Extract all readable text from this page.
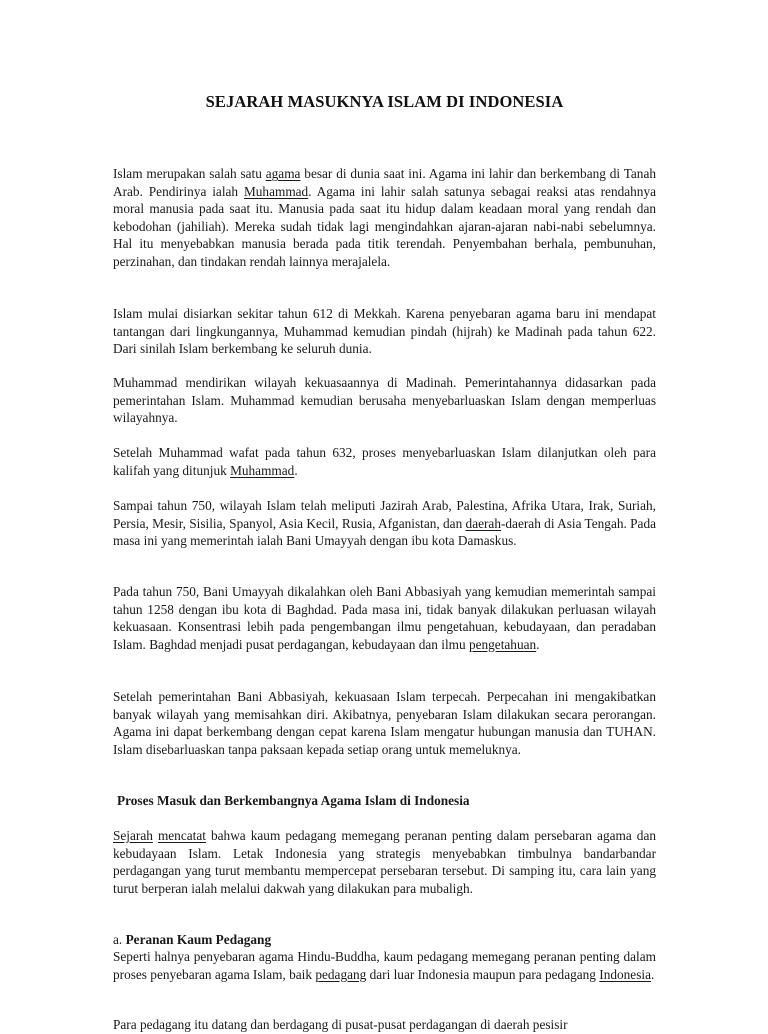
SEJARAH MASUKNYA ISLAM DI INDONESIA

Islam merupakan salah satu agama besar di dunia saat ini. Agama ini lahir dan berkembang di Tanah Arab. Pendirinya ialah Muhammad. Agama ini lahir salah satunya sebagai reaksi atas rendahnya moral manusia pada saat itu. Manusia pada saat itu hidup dalam keadaan moral yang rendah dan kebodohan (jahiliah). Mereka sudah tidak lagi mengindahkan ajaran-ajaran nabi-nabi sebelumnya. Hal itu menyebabkan manusia berada pada titik terendah. Penyembahan berhala, pembunuhan, perzinahan, dan tindakan rendah lainnya merajalela.

Islam mulai disiarkan sekitar tahun 612 di Mekkah. Karena penyebaran agama baru ini mendapat tantangan dari lingkungannya, Muhammad kemudian pindah (hijrah) ke Madinah pada tahun 622. Dari sinilah Islam berkembang ke seluruh dunia.

Muhammad mendirikan wilayah kekuasaannya di Madinah. Pemerintahannya didasarkan pada pemerintahan Islam. Muhammad kemudian berusaha menyebarluaskan Islam dengan memperluas wilayahnya.

Setelah Muhammad wafat pada tahun 632, proses menyebarluaskan Islam dilanjutkan oleh para kalifah yang ditunjuk Muhammad.

Sampai tahun 750, wilayah Islam telah meliputi Jazirah Arab, Palestina, Afrika Utara, Irak, Suriah, Persia, Mesir, Sisilia, Spanyol, Asia Kecil, Rusia, Afganistan, dan daerah-daerah di Asia Tengah. Pada masa ini yang memerintah ialah Bani Umayyah dengan ibu kota Damaskus.

Pada tahun 750, Bani Umayyah dikalahkan oleh Bani Abbasiyah yang kemudian memerintah sampai tahun 1258 dengan ibu kota di Baghdad. Pada masa ini, tidak banyak dilakukan perluasan wilayah kekuasaan. Konsentrasi lebih pada pengembangan ilmu pengetahuan, kebudayaan, dan peradaban Islam. Baghdad menjadi pusat perdagangan, kebudayaan dan ilmu pengetahuan.

Setelah pemerintahan Bani Abbasiyah, kekuasaan Islam terpecah. Perpecahan ini mengakibatkan banyak wilayah yang memisahkan diri. Akibatnya, penyebaran Islam dilakukan secara perorangan. Agama ini dapat berkembang dengan cepat karena Islam mengatur hubungan manusia dan TUHAN. Islam disebarluaskan tanpa paksaan kepada setiap orang untuk memeluknya.

Proses Masuk dan Berkembangnya Agama Islam di Indonesia

Sejarah mencatat bahwa kaum pedagang memegang peranan penting dalam persebaran agama dan kebudayaan Islam. Letak Indonesia yang strategis menyebabkan timbulnya bandarbandar perdagangan yang turut membantu mempercepat persebaran tersebut. Di samping itu, cara lain yang turut berperan ialah melalui dakwah yang dilakukan para mubaligh.

a. Peranan Kaum Pedagang

Seperti halnya penyebaran agama Hindu-Buddha, kaum pedagang memegang peranan penting dalam proses penyebaran agama Islam, baik pedagang dari luar Indonesia maupun para pedagang Indonesia.

Para pedagang itu datang dan berdagang di pusat-pusat perdagangan di daerah pesisir
